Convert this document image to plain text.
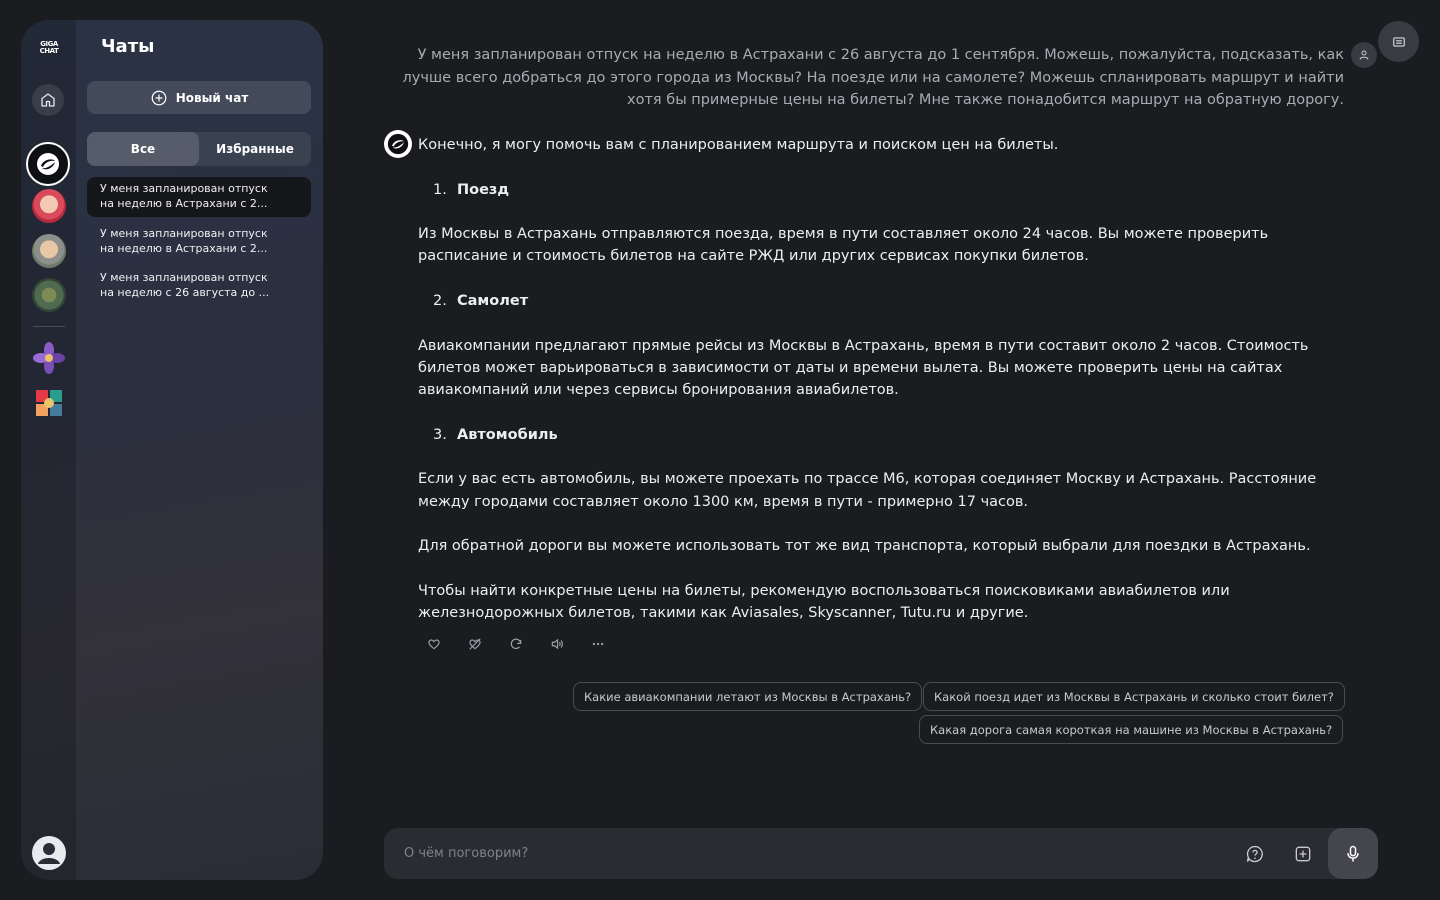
GIGA
CHAT Чаты
Новый чат
Все	Избранные
У меня запланирован отпуск
на неделю в Астрахани с 2...
У меня запланирован отпуск
на неделю в Астрахани с 2...
У меня запланирован отпуск
на неделю с 26 августа до ...
У меня запланирован отпуск на неделю в Астрахани с 26 августа до 1 сентября. Можешь, пожалуйста, подсказать, как лучше всего добраться до этого города из Москвы? На поезде или на самолете? Можешь спланировать маршрут и найти хотя бы примерные цены на билеты? Мне также понадобится маршрут на обратную дорогу.

Конечно, я могу помочь вам с планированием маршрута и поиском цен на билеты.

1. Поезд

Из Москвы в Астрахань отправляются поезда, время в пути составляет около 24 часов. Вы можете проверить расписание и стоимость билетов на сайте РЖД или других сервисах покупки билетов.

2. Самолет

Авиакомпании предлагают прямые рейсы из Москвы в Астрахань, время в пути составит около 2 часов. Стоимость билетов может варьироваться в зависимости от даты и времени вылета. Вы можете проверить цены на сайтах авиакомпаний или через сервисы бронирования авиабилетов.

3. Автомобиль

Если у вас есть автомобиль, вы можете проехать по трассе М6, которая соединяет Москву и Астрахань. Расстояние между городами составляет около 1300 км, время в пути - примерно 17 часов.

Для обратной дороги вы можете использовать тот же вид транспорта, который выбрали для поездки в Астрахань.

Чтобы найти конкретные цены на билеты, рекомендую воспользоваться поисковиками авиабилетов или железнодорожных билетов, такими как Aviasales, Skyscanner, Tutu.ru и другие.

Какие авиакомпании летают из Москвы в Астрахань?	Какой поезд идет из Москвы в Астрахань и сколько стоит билет?
Какая дорога самая короткая на машине из Москвы в Астрахань?
О чём поговорим?
